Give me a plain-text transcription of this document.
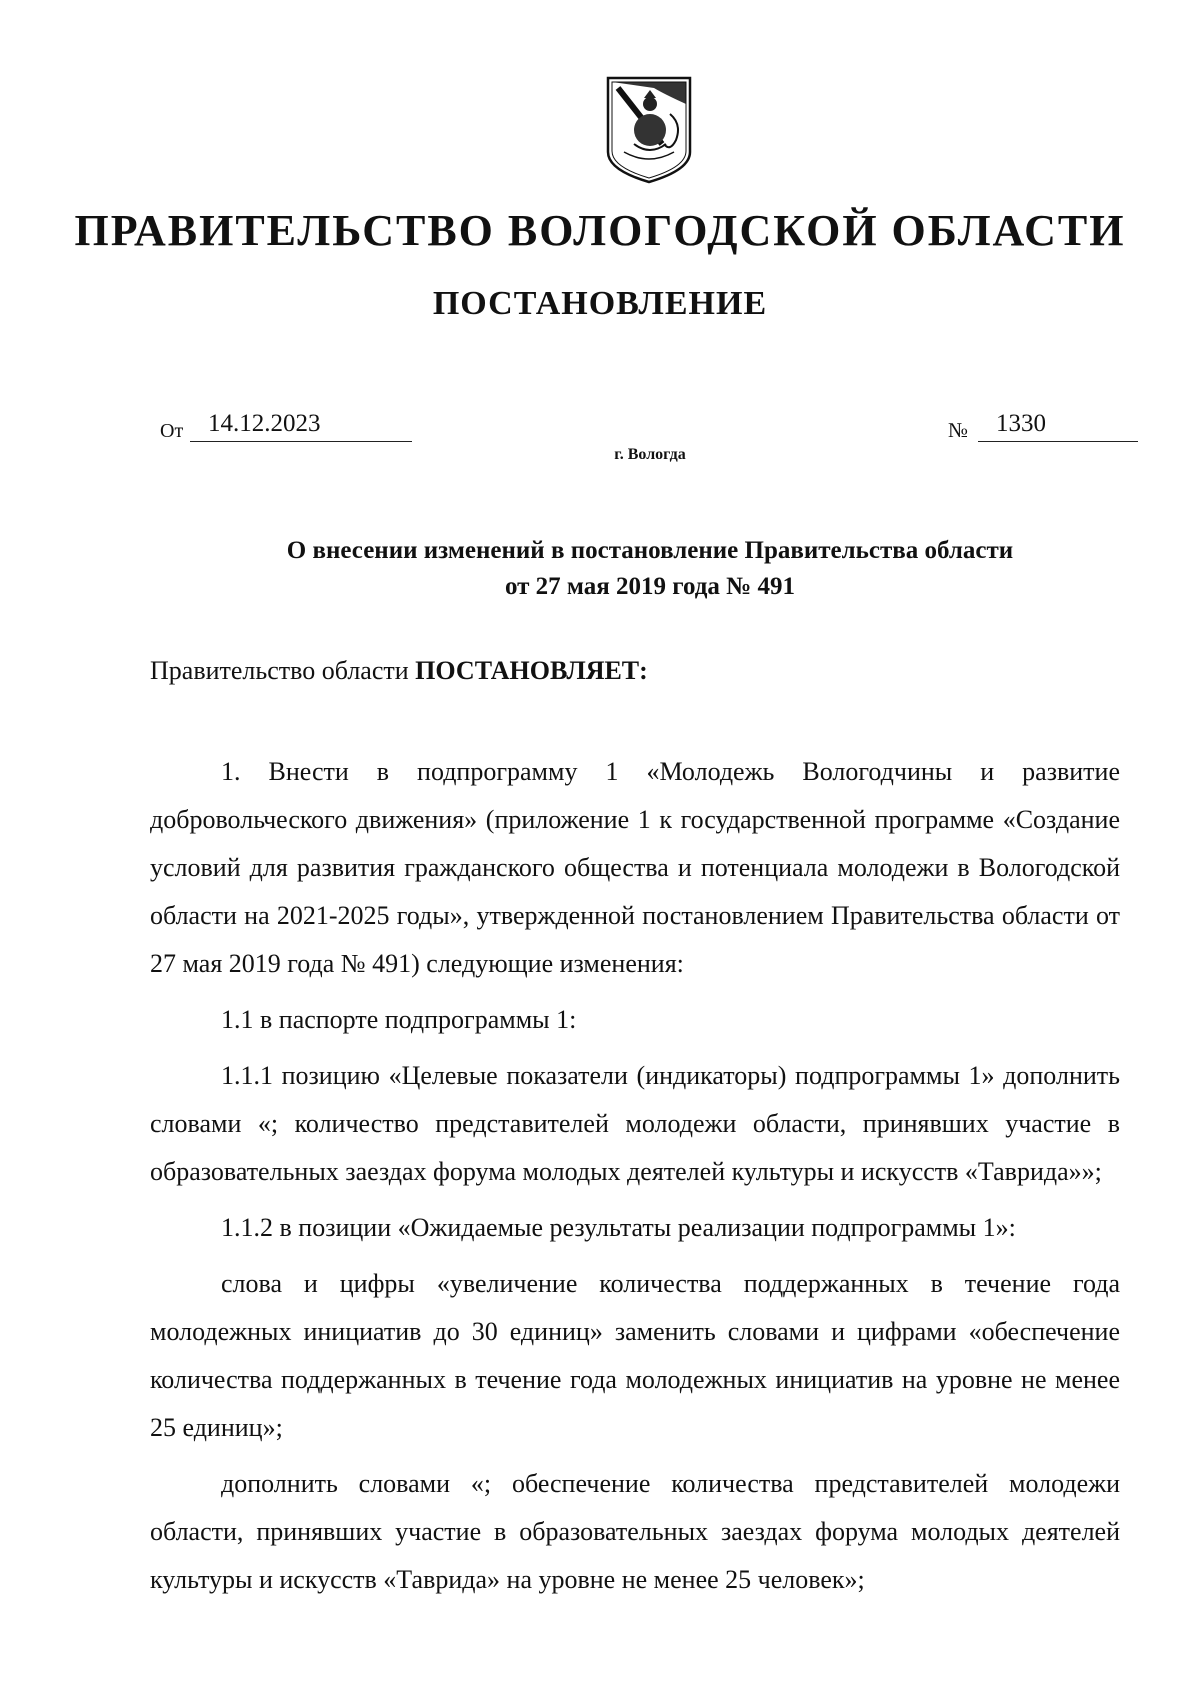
ПРАВИТЕЛЬСТВО ВОЛОГОДСКОЙ ОБЛАСТИ
ПОСТАНОВЛЕНИЕ
От 14.12.2023	№	1330
г. Вологда
О внесении изменений в постановление Правительства области
от 27 мая 2019 года № 491
Правительство области ПОСТАНОВЛЯЕТ:

1. Внести в подпрограмму 1 «Молодежь Вологодчины и развитие добровольческого движения» (приложение 1 к государственной программе «Создание условий для развития гражданского общества и потенциала молодежи в Вологодской области на 2021-2025 годы», утвержденной постановлением Правительства области от 27 мая 2019 года № 491) следующие изменения:

1.1 в паспорте подпрограммы 1:

1.1.1 позицию «Целевые показатели (индикаторы) подпрограммы 1» дополнить словами «; количество представителей молодежи области, принявших участие в образовательных заездах форума молодых деятелей культуры и искусств «Таврида»»;

1.1.2 в позиции «Ожидаемые результаты реализации подпрограммы 1»:

слова и цифры «увеличение количества поддержанных в течение года молодежных инициатив до 30 единиц» заменить словами и цифрами «обеспечение количества поддержанных в течение года молодежных инициатив на уровне не менее 25 единиц»;

дополнить словами «; обеспечение количества представителей молодежи области, принявших участие в образовательных заездах форума молодых деятелей культуры и искусств «Таврида» на уровне не менее 25 человек»;
